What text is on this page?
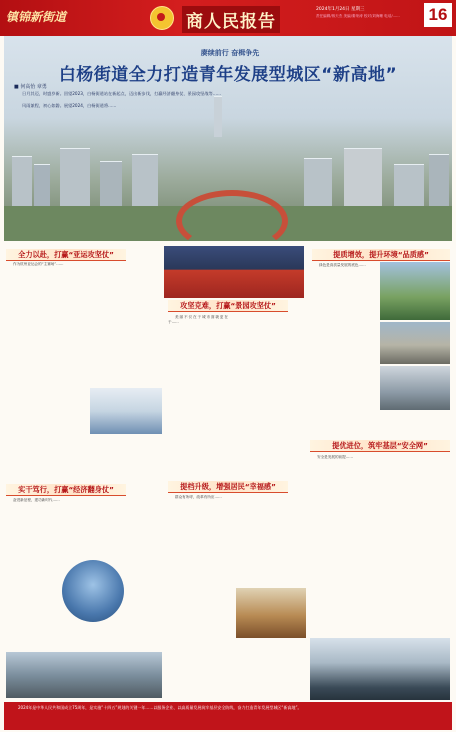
镇锦新街道	商人民报告
2024年1月24日 星期三
责任编辑/蒋天杰 美编/秦荣涛 校对/刘海珊 电话/……	16
赓续前行 奋楫争先
白杨街道全力打造青年发展型城区“新高地”
■ 何高怡 章勇
日月其迈，时盛岁新。回望2023，白杨街道站在新起点，迈出新步伐，打赢经济翻身仗、景园攻坚战等……
风雨兼程，初心如磐。展望2024，白杨街道将……
全力以赴，打赢“亚运攻坚仗”
攻坚克难，打赢“景园攻坚仗”
提质增效，提升环境“品质感”
实干笃行，打赢“经济翻身仗”	提档升级，增强居民“幸福感”
提优进位，筑牢基层“安全网”
作为杭州亚运会的“主赛场”……
美丽不仅在于城市面貌更在于……
绿色是高质量发展的底色……
奋进新征程，建功新时代……
群众有所呼，改革有所应……
安全是发展的前提……
2024年是中华人民共和国成立75周年，是实施“十四五”规划的关键一年……以服务企业、以高质量发展筑牢基层安全防线，奋力打造青年发展型城区“新高地”。
